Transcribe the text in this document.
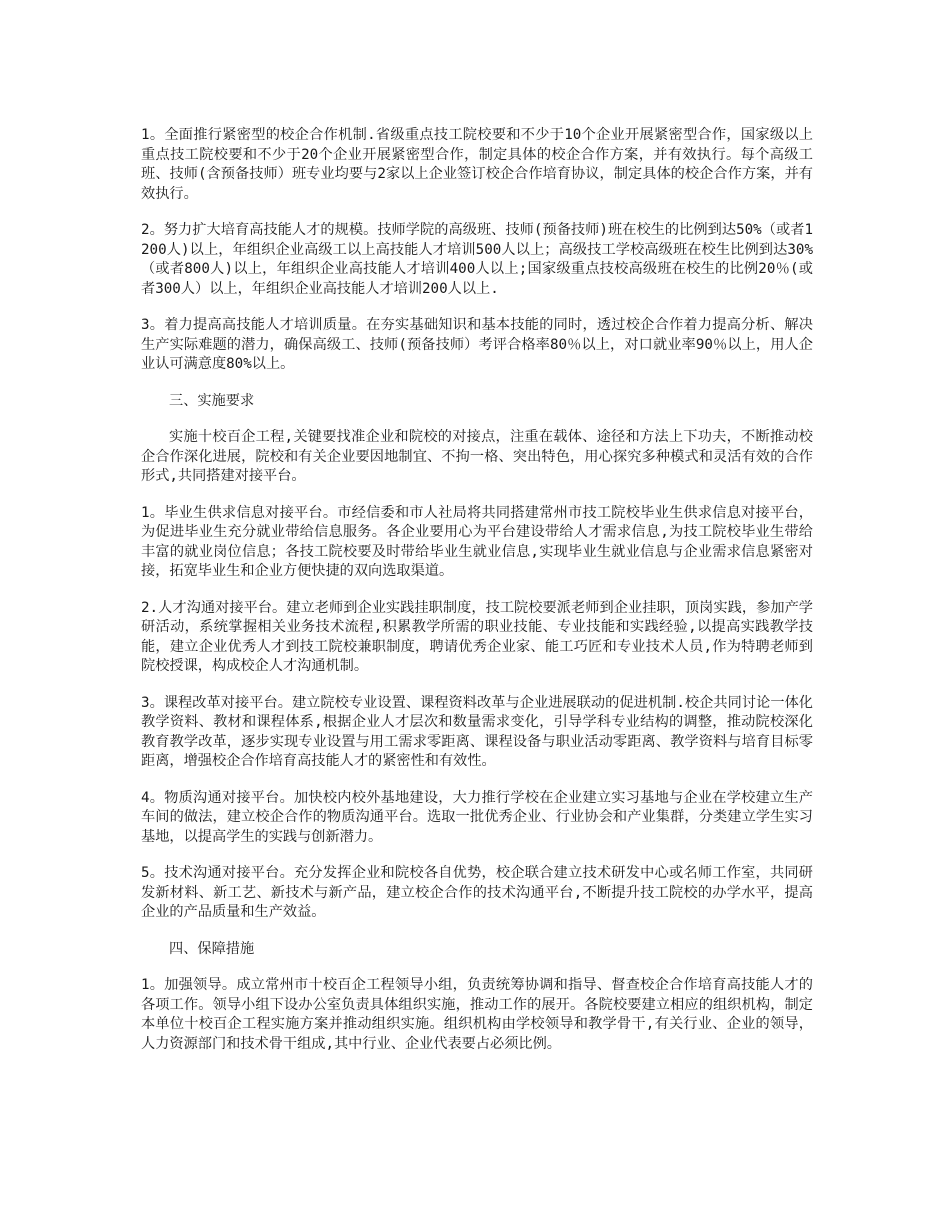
1。全面推行紧密型的校企合作机制.省级重点技工院校要和不少于10个企业开展紧密型合作，国家级以上重点技工院校要和不少于20个企业开展紧密型合作，制定具体的校企合作方案，并有效执行。每个高级工班、技师(含预备技师）班专业均要与2家以上企业签订校企合作培育协议，制定具体的校企合作方案，并有效执行。

2。努力扩大培育高技能人才的规模。技师学院的高级班、技师(预备技师)班在校生的比例到达50%（或者1200人)以上，年组织企业高级工以上高技能人才培训500人以上；高级技工学校高级班在校生比例到达30%（或者800人)以上，年组织企业高技能人才培训400人以上;国家级重点技校高级班在校生的比例20％(或者300人）以上，年组织企业高技能人才培训200人以上.

3。着力提高高技能人才培训质量。在夯实基础知识和基本技能的同时，透过校企合作着力提高分析、解决生产实际难题的潜力，确保高级工、技师(预备技师）考评合格率80％以上，对口就业率90％以上，用人企业认可满意度80%以上。

三、实施要求

实施十校百企工程,关键要找准企业和院校的对接点，注重在载体、途径和方法上下功夫，不断推动校企合作深化进展，院校和有关企业要因地制宜、不拘一格、突出特色，用心探究多种模式和灵活有效的合作形式,共同搭建对接平台。

1。毕业生供求信息对接平台。市经信委和市人社局将共同搭建常州市技工院校毕业生供求信息对接平台，为促进毕业生充分就业带给信息服务。各企业要用心为平台建设带给人才需求信息,为技工院校毕业生带给丰富的就业岗位信息；各技工院校要及时带给毕业生就业信息,实现毕业生就业信息与企业需求信息紧密对接，拓宽毕业生和企业方便快捷的双向选取渠道。

2.人才沟通对接平台。建立老师到企业实践挂职制度，技工院校要派老师到企业挂职，顶岗实践，参加产学研活动，系统掌握相关业务技术流程,积累教学所需的职业技能、专业技能和实践经验,以提高实践教学技能，建立企业优秀人才到技工院校兼职制度，聘请优秀企业家、能工巧匠和专业技术人员,作为特聘老师到院校授课，构成校企人才沟通机制。

3。课程改革对接平台。建立院校专业设置、课程资料改革与企业进展联动的促进机制.校企共同讨论一体化教学资料、教材和课程体系,根据企业人才层次和数量需求变化，引导学科专业结构的调整，推动院校深化教育教学改革，逐步实现专业设置与用工需求零距离、课程设备与职业活动零距离、教学资料与培育目标零距离，增强校企合作培育高技能人才的紧密性和有效性。

4。物质沟通对接平台。加快校内校外基地建设，大力推行学校在企业建立实习基地与企业在学校建立生产车间的做法，建立校企合作的物质沟通平台。选取一批优秀企业、行业协会和产业集群，分类建立学生实习基地，以提高学生的实践与创新潜力。

5。技术沟通对接平台。充分发挥企业和院校各自优势，校企联合建立技术研发中心或名师工作室，共同研发新材料、新工艺、新技术与新产品，建立校企合作的技术沟通平台,不断提升技工院校的办学水平，提高企业的产品质量和生产效益。

四、保障措施

1。加强领导。成立常州市十校百企工程领导小组，负责统筹协调和指导、督查校企合作培育高技能人才的各项工作。领导小组下设办公室负责具体组织实施，推动工作的展开。各院校要建立相应的组织机构，制定本单位十校百企工程实施方案并推动组织实施。组织机构由学校领导和教学骨干,有关行业、企业的领导，人力资源部门和技术骨干组成,其中行业、企业代表要占必须比例。
